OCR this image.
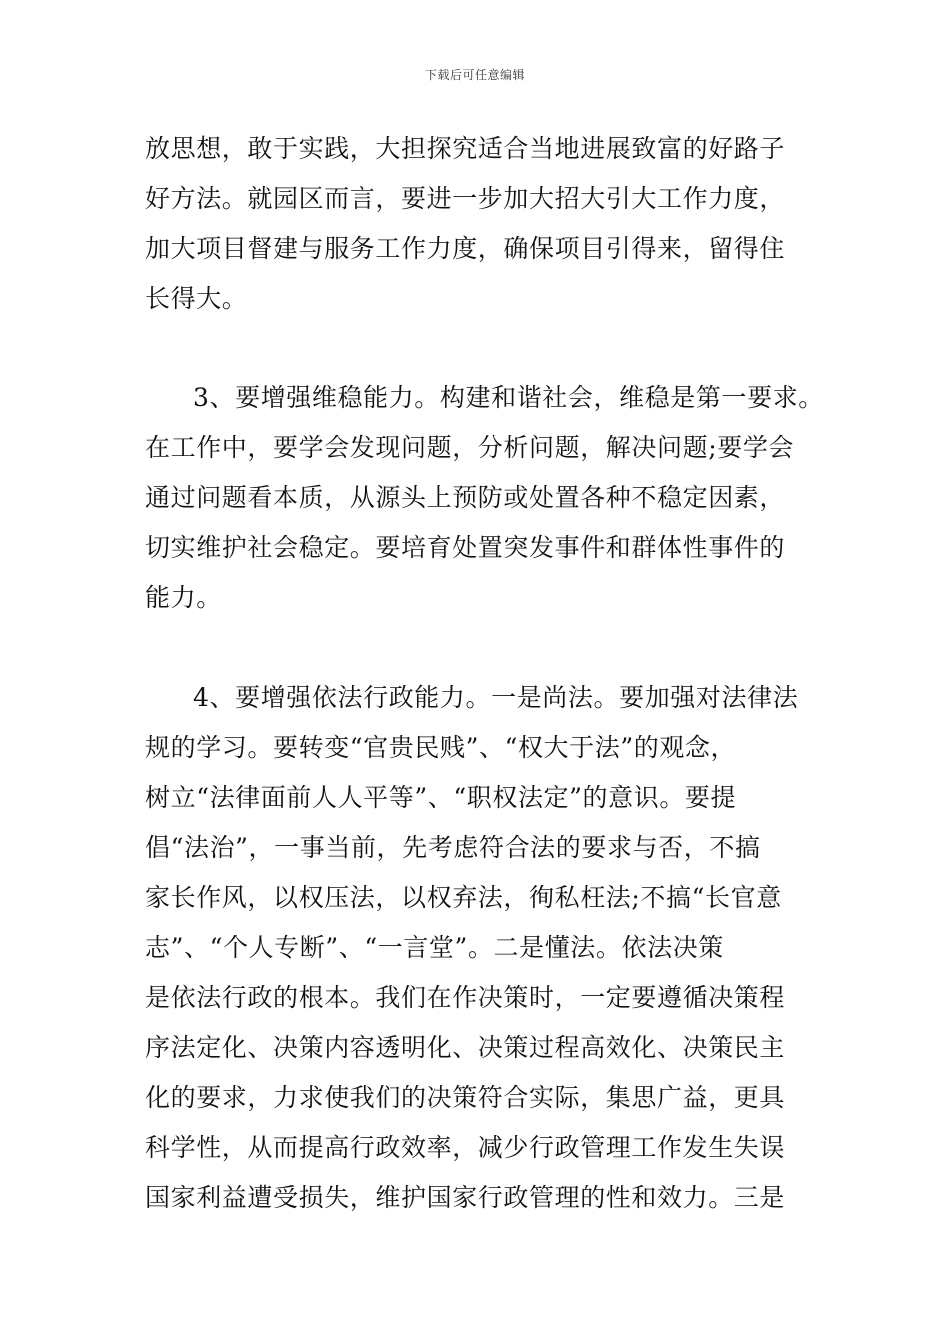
下载后可任意编辑
放思想，敢于实践，大担探究适合当地进展致富的好路子
好方法。就园区而言，要进一步加大招大引大工作力度，
加大项目督建与服务工作力度，确保项目引得来，留得住
长得大。
3、要增强维稳能力。构建和谐社会，维稳是第一要求。
在工作中，要学会发现问题，分析问题，解决问题;要学会
通过问题看本质，从源头上预防或处置各种不稳定因素，
切实维护社会稳定。要培育处置突发事件和群体性事件的
能力。
4、要增强依法行政能力。一是尚法。要加强对法律法
规的学习。要转变“官贵民贱”、“权大于法”的观念，
树立“法律面前人人平等”、“职权法定”的意识。要提
倡“法治”，一事当前，先考虑符合法的要求与否，不搞
家长作风，以权压法，以权弃法，徇私枉法;不搞“长官意
志”、“个人专断”、“一言堂”。二是懂法。依法决策
是依法行政的根本。我们在作决策时，一定要遵循决策程
序法定化、决策内容透明化、决策过程高效化、决策民主
化的要求，力求使我们的决策符合实际，集思广益，更具
科学性，从而提高行政效率，减少行政管理工作发生失误
国家利益遭受损失，维护国家行政管理的性和效力。三是
